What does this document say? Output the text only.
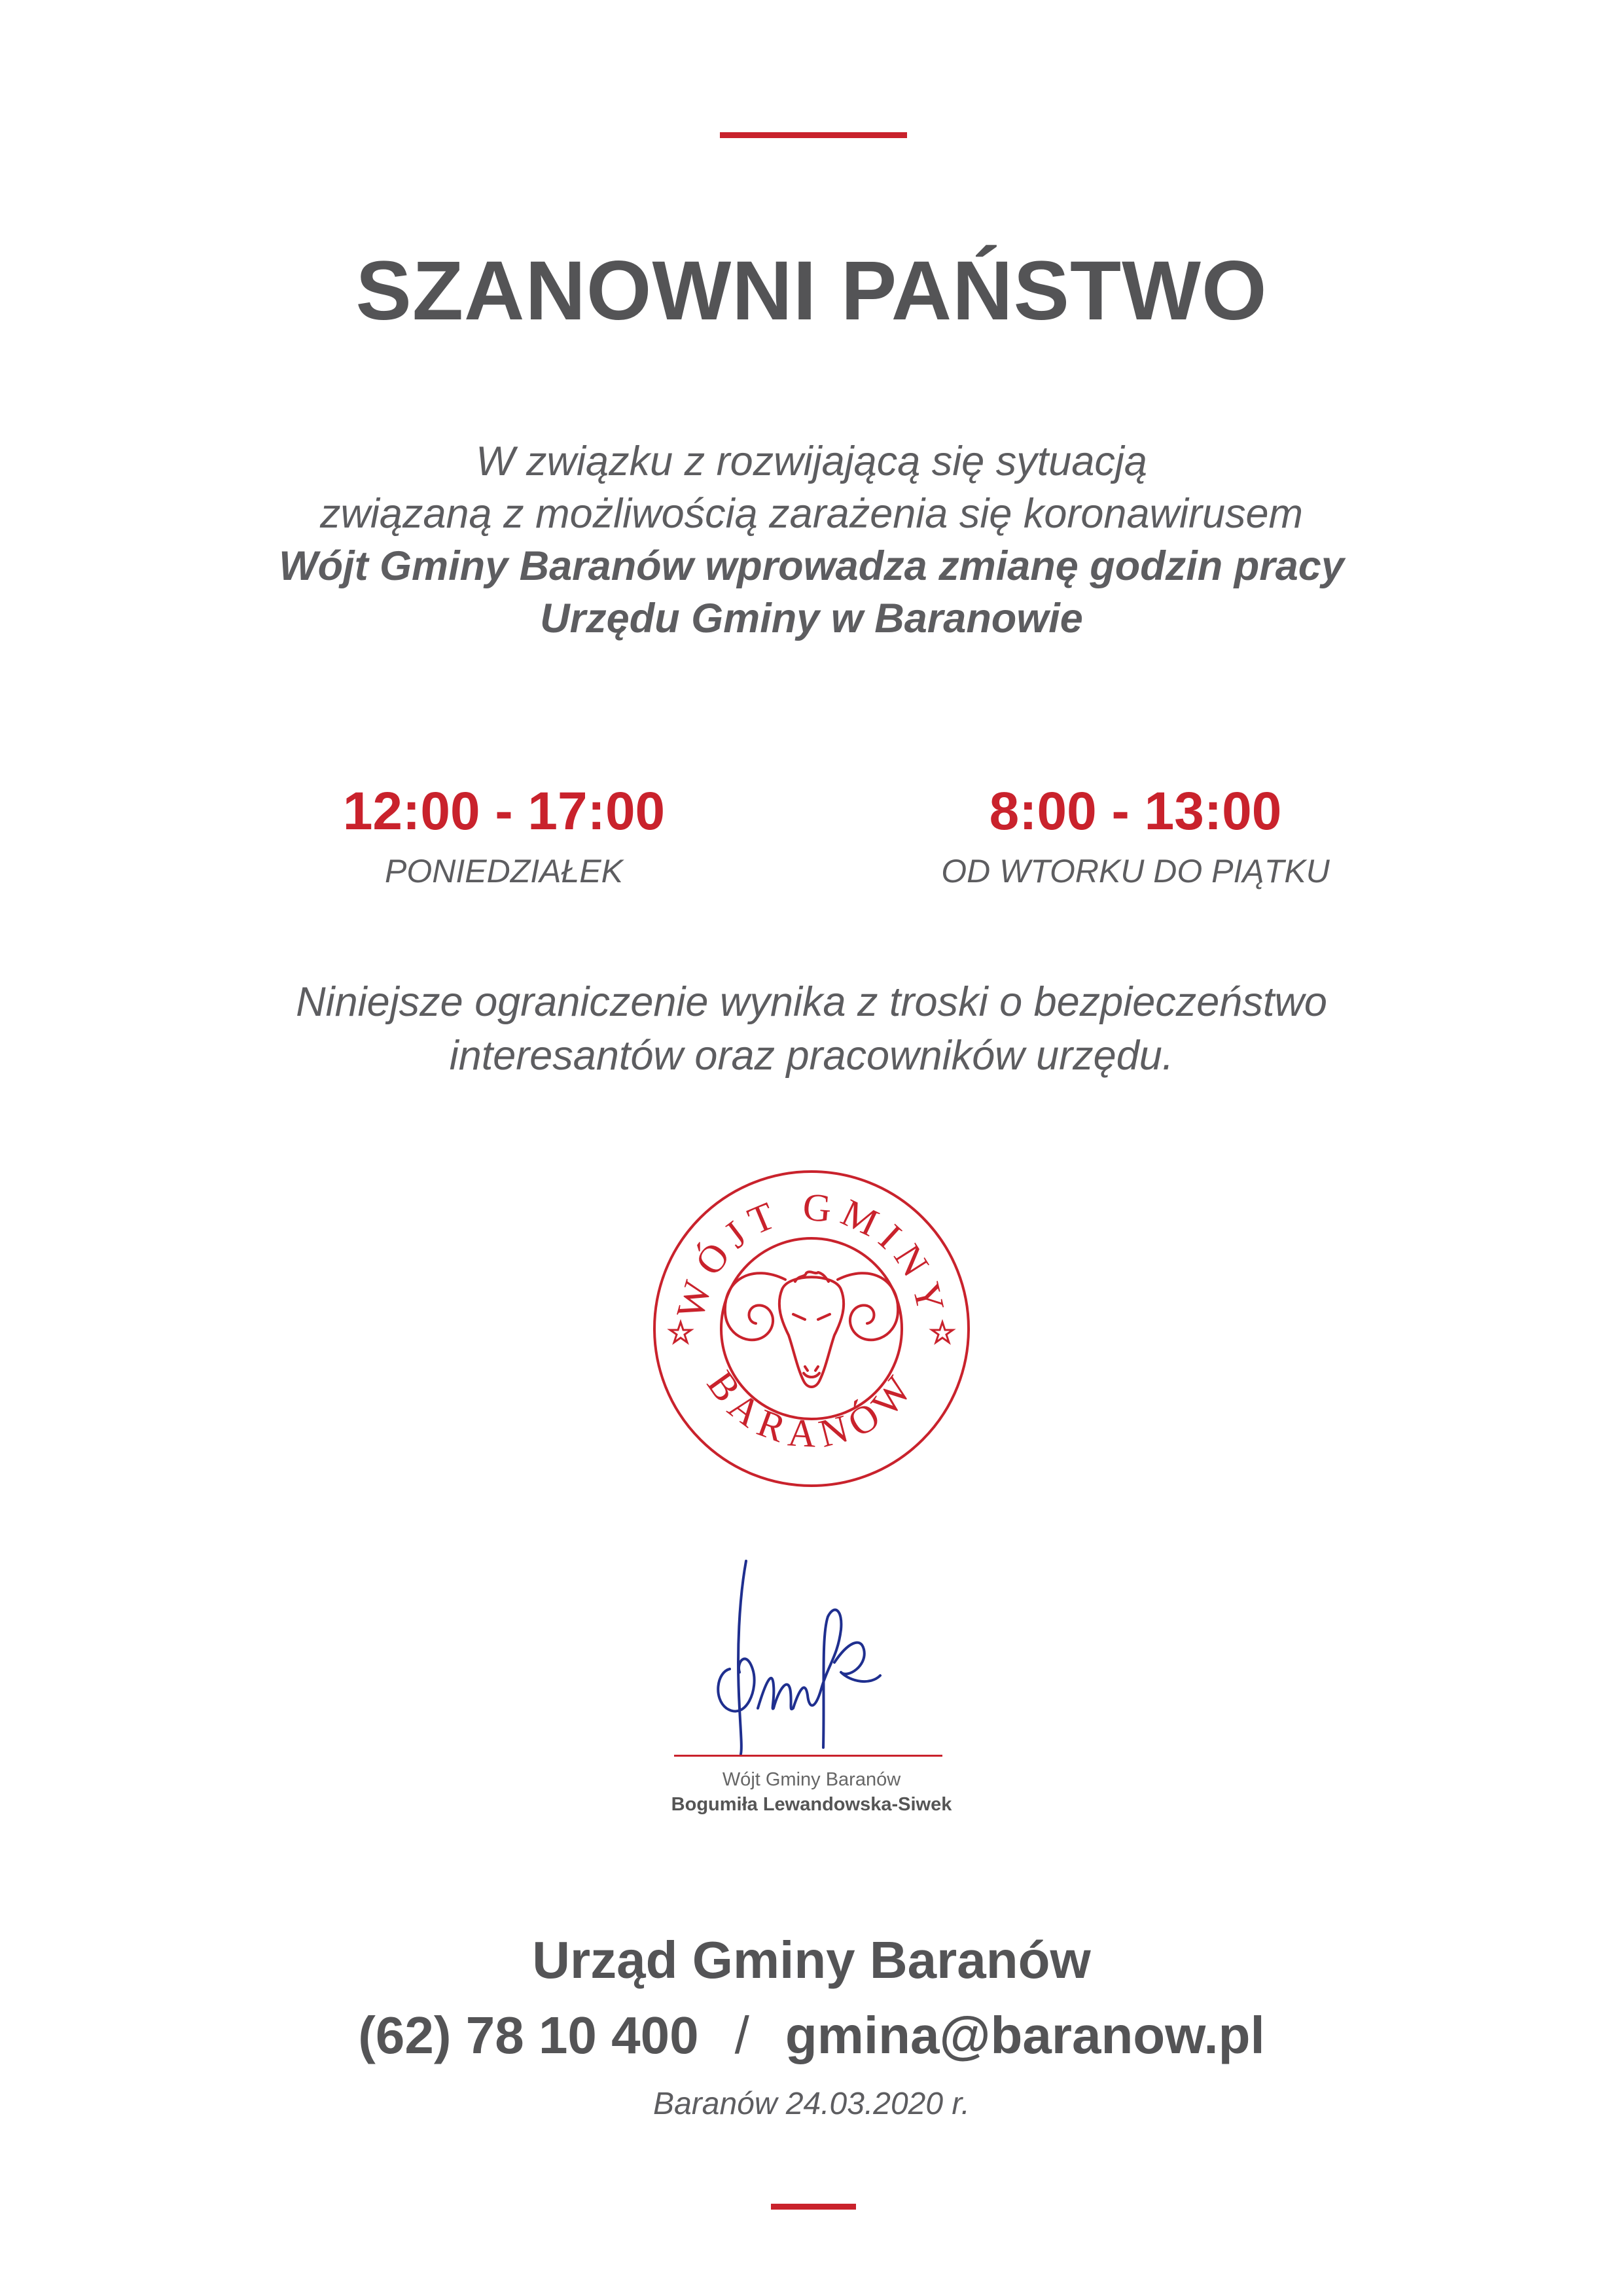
SZANOWNI PAŃSTWO
W związku z rozwijającą się sytuacją
związaną z możliwością zarażenia się koronawirusem
Wójt Gminy Baranów wprowadza zmianę godzin pracy
Urzędu Gminy w Baranowie
12:00 - 17:00
PONIEDZIAŁEK
8:00 - 13:00
OD WTORKU DO PIĄTKU
Niniejsze ograniczenie wynika z troski o bezpieczeństwo
interesantów oraz pracowników urzędu.
WÓJT GMINY
BARANÓW
Wójt Gminy Baranów
Bogumiła Lewandowska-Siwek
Urząd Gminy Baranów
(62) 78 10 400 / gmina@baranow.pl
Baranów 24.03.2020 r.
